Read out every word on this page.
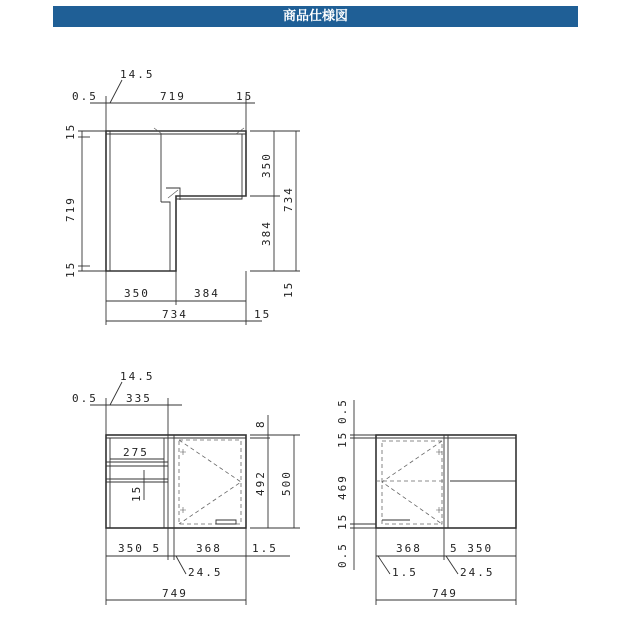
商品仕様図
14.5
0.5	719	15
15
719
15
350
384
734
15
350	384
734	15
14.5
0.5	335
275
15
8
492 500
350 5	368	1.5
24.5
749
0.5
15
469
15
0.5	368	5 350
1.5	24.5
749
